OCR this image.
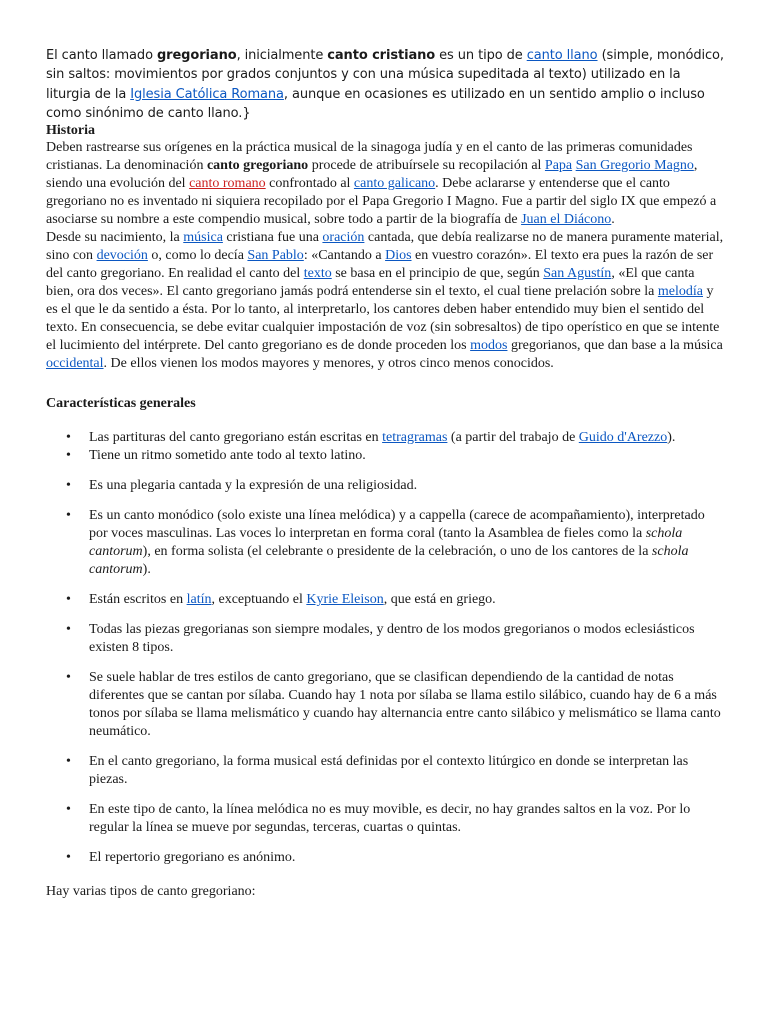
El canto llamado gregoriano, inicialmente canto cristiano es un tipo de canto llano (simple, monódico, sin saltos: movimientos por grados conjuntos y con una música supeditada al texto) utilizado en la liturgia de la Iglesia Católica Romana, aunque en ocasiones es utilizado en un sentido amplio o incluso como sinónimo de canto llano.}

Historia

Deben rastrearse sus orígenes en la práctica musical de la sinagoga judía y en el canto de las primeras comunidades cristianas. La denominación canto gregoriano procede de atribuírsele su recopilación al Papa San Gregorio Magno, siendo una evolución del canto romano confrontado al canto galicano. Debe aclararse y entenderse que el canto gregoriano no es inventado ni siquiera recopilado por el Papa Gregorio I Magno. Fue a partir del siglo IX que empezó a asociarse su nombre a este compendio musical, sobre todo a partir de la biografía de Juan el Diácono.

Desde su nacimiento, la música cristiana fue una oración cantada, que debía realizarse no de manera puramente material, sino con devoción o, como lo decía San Pablo: «Cantando a Dios en vuestro corazón». El texto era pues la razón de ser del canto gregoriano. En realidad el canto del texto se basa en el principio de que, según San Agustín, «El que canta bien, ora dos veces». El canto gregoriano jamás podrá entenderse sin el texto, el cual tiene prelación sobre la melodía y es el que le da sentido a ésta. Por lo tanto, al interpretarlo, los cantores deben haber entendido muy bien el sentido del texto. En consecuencia, se debe evitar cualquier impostación de voz (sin sobresaltos) de tipo operístico en que se intente el lucimiento del intérprete. Del canto gregoriano es de donde proceden los modos gregorianos, que dan base a la música occidental. De ellos vienen los modos mayores y menores, y otros cinco menos conocidos.

Características generales
• Las partituras del canto gregoriano están escritas en tetragramas (a partir del trabajo de Guido d'Arezzo).
• Tiene un ritmo sometido ante todo al texto latino.
• Es una plegaria cantada y la expresión de una religiosidad.
• Es un canto monódico (solo existe una línea melódica) y a cappella (carece de acompañamiento), interpretado por voces masculinas. Las voces lo interpretan en forma coral (tanto la Asamblea de fieles como la schola cantorum), en forma solista (el celebrante o presidente de la celebración, o uno de los cantores de la schola cantorum).
• Están escritos en latín, exceptuando el Kyrie Eleison, que está en griego.
• Todas las piezas gregorianas son siempre modales, y dentro de los modos gregorianos o modos eclesiásticos existen 8 tipos.
• Se suele hablar de tres estilos de canto gregoriano, que se clasifican dependiendo de la cantidad de notas diferentes que se cantan por sílaba. Cuando hay 1 nota por sílaba se llama estilo silábico, cuando hay de 6 a más tonos por sílaba se llama melismático y cuando hay alternancia entre canto silábico y melismático se llama canto neumático.
• En el canto gregoriano, la forma musical está definidas por el contexto litúrgico en donde se interpretan las piezas.
• En este tipo de canto, la línea melódica no es muy movible, es decir, no hay grandes saltos en la voz. Por lo regular la línea se mueve por segundas, terceras, cuartas o quintas.
• El repertorio gregoriano es anónimo.

Hay varias tipos de canto gregoriano:
